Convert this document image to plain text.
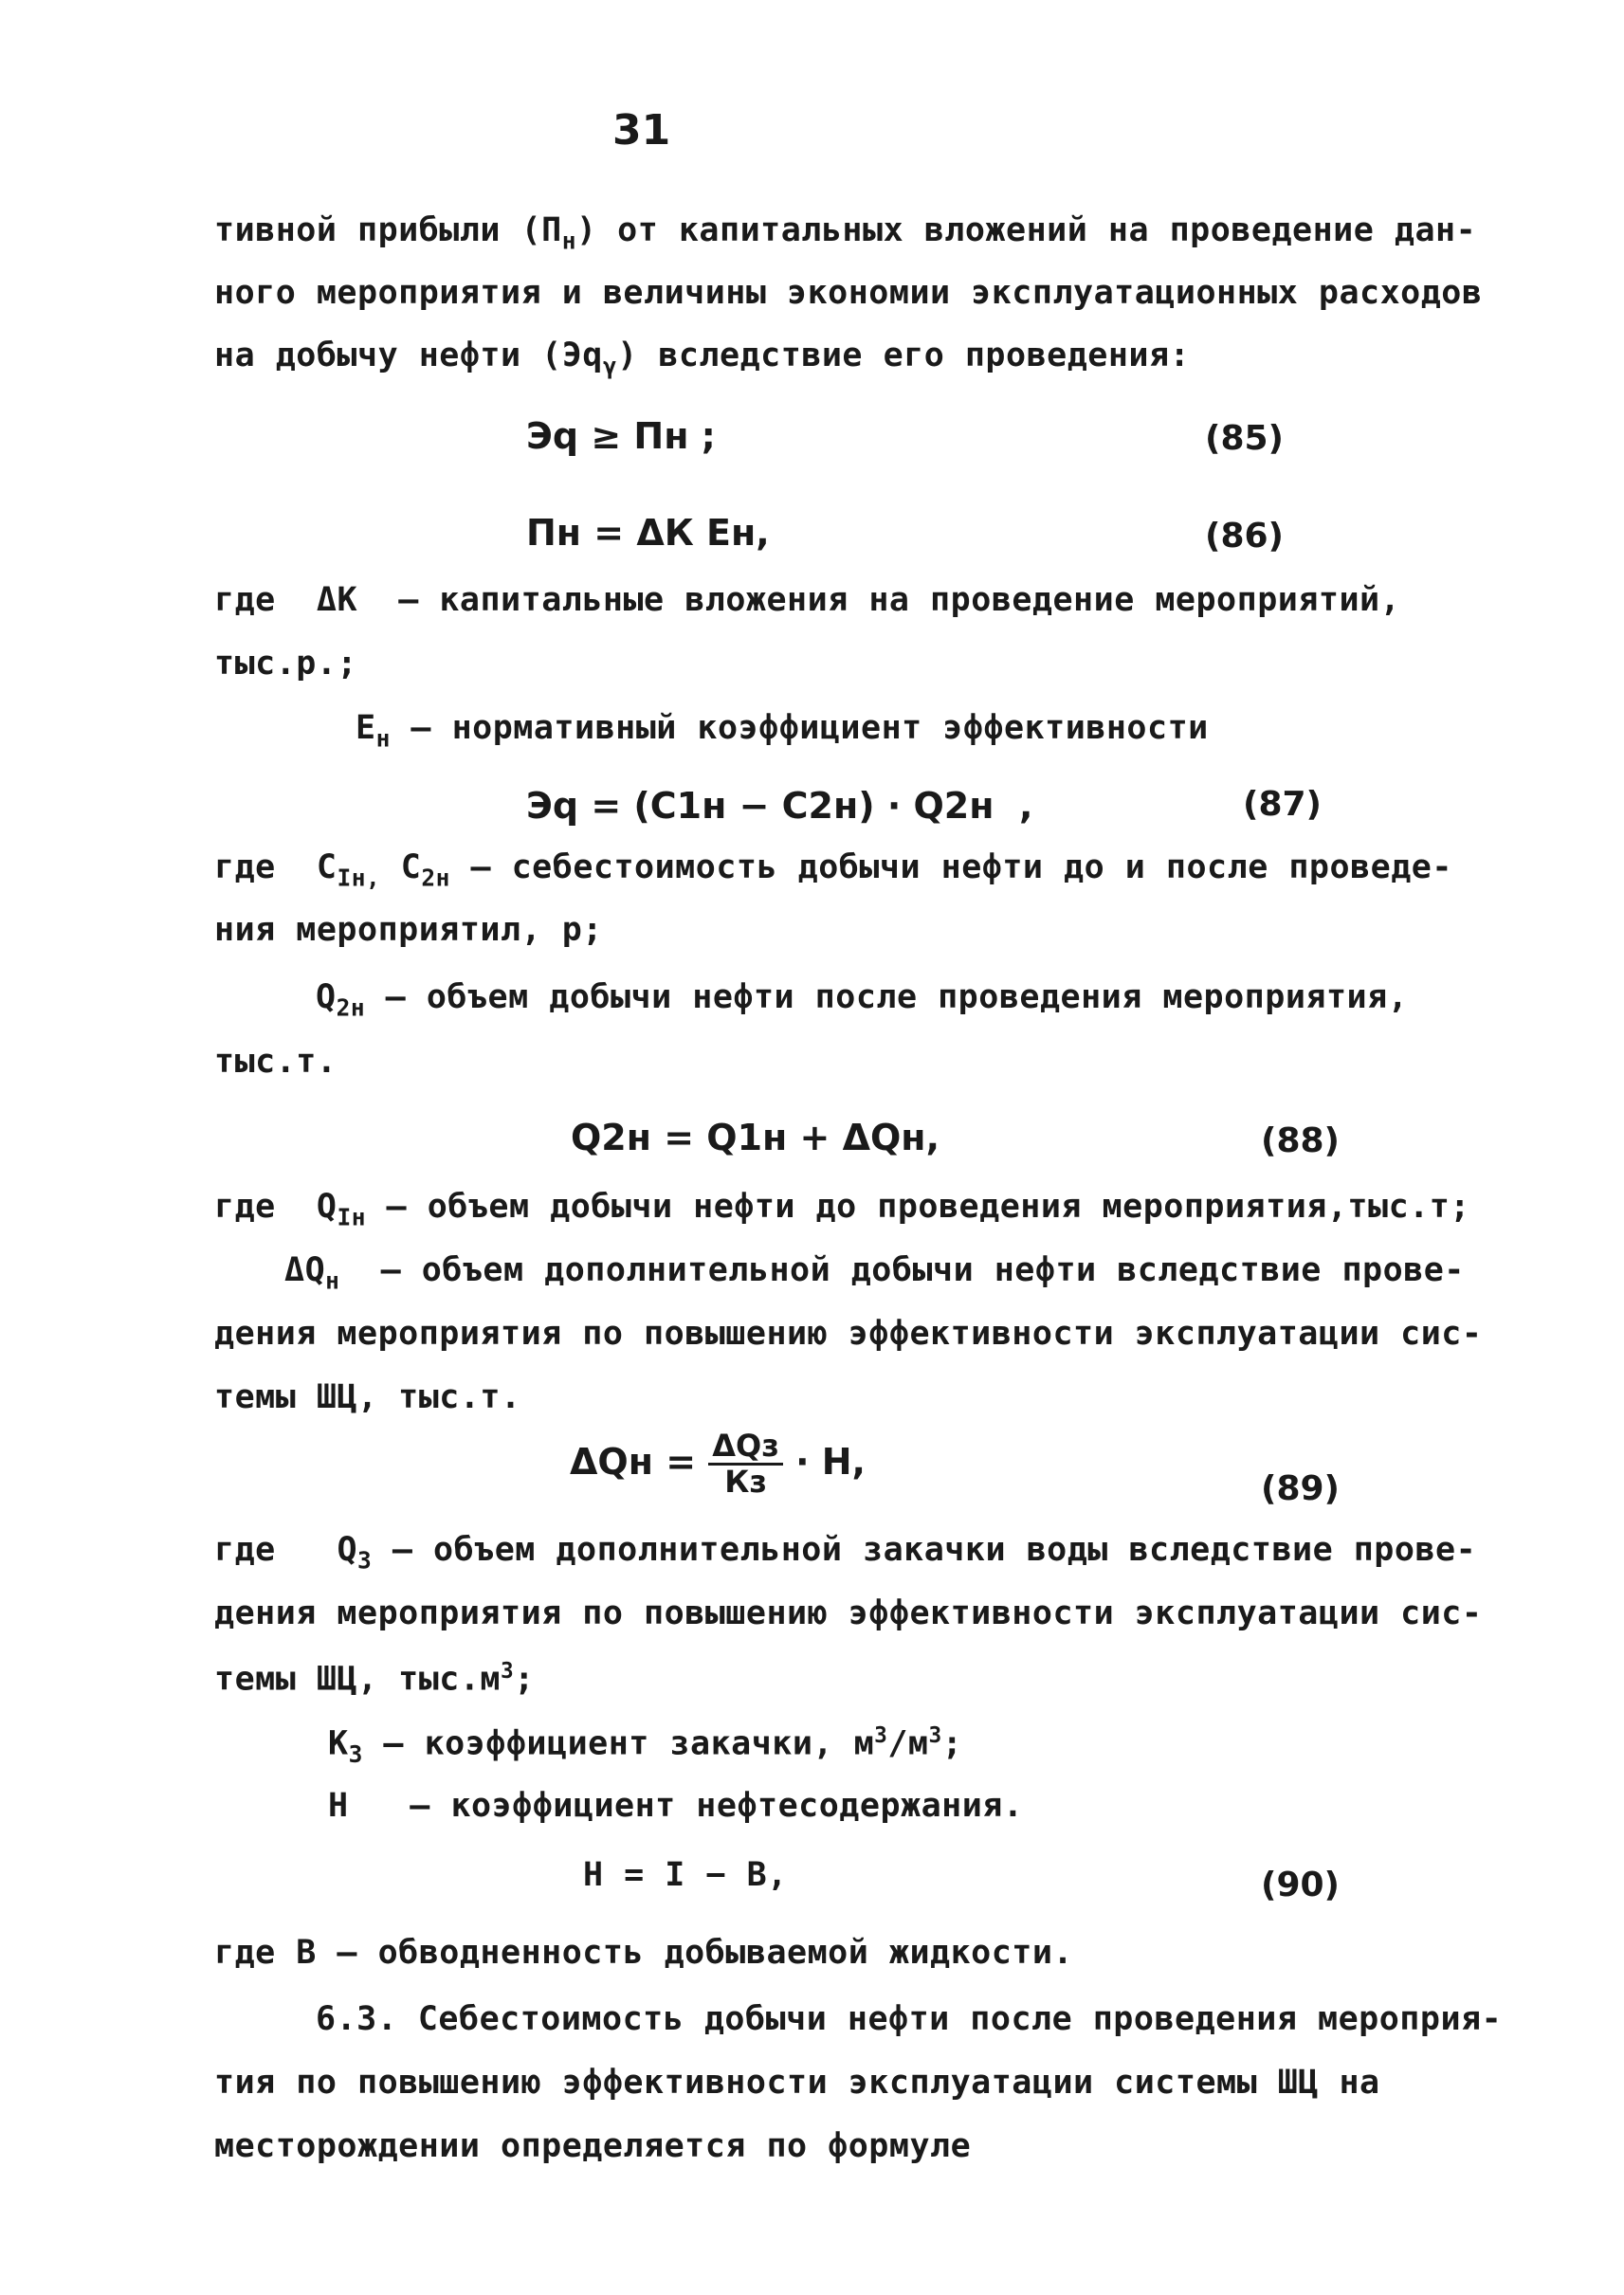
31
тивной прибыли $(П_н)$ от капитальных вложений на проведение дан-
ного мероприятия и величины экономии эксплуатационных расходов
на добычу нефти $(Эq_\gamma)$ вследствие его проведения:
Эq ≥ Пн ;	(85)
Пн = ΔК Ен,	(86)
где ΔК – капитальные вложения на проведение мероприятий,
тыс.р.;
$Е_н$ – нормативный коэффициент эффективности
Эq = (С1н − С2н) · Q2н ,	(87)
где $С_{Iн,}$ $С_{2н}$ – себестоимость добычи нефти до и после проведе-
ния мероприятил, р;
$Q_{2н}$ – объем добычи нефти после проведения мероприятия,
тыс.т.
Q2н = Q1н + ΔQн,	(88)
где $Q_{Iн}$ – объем добычи нефти до проведения мероприятия,тыс.т;
$\Delta Q_н$ – объем дополнительной добычи нефти вследствие прове-
дения мероприятия по повышению эффективности эксплуатации сис-
темы ШЦ, тыс.т.
$\Delta Qн = \frac{\text{ΔQз}}{Кз} \cdot Н$,
(89)
где $Q_3$ – объем дополнительной закачки воды вследствие прове-
дения мероприятия по повышению эффективности эксплуатации сис-
темы ШЦ, $тыс.м^3$;
$К_3$ – коэффициент закачки, $м^3/м^3$;
Н – коэффициент нефтесодержания.
Н = I − В,	(90)
где В – обводненность добываемой жидкости.
6.3. Себестоимость добычи нефти после проведения мероприя-
тия по повышению эффективности эксплуатации системы ШЦ на
месторождении определяется по формуле
